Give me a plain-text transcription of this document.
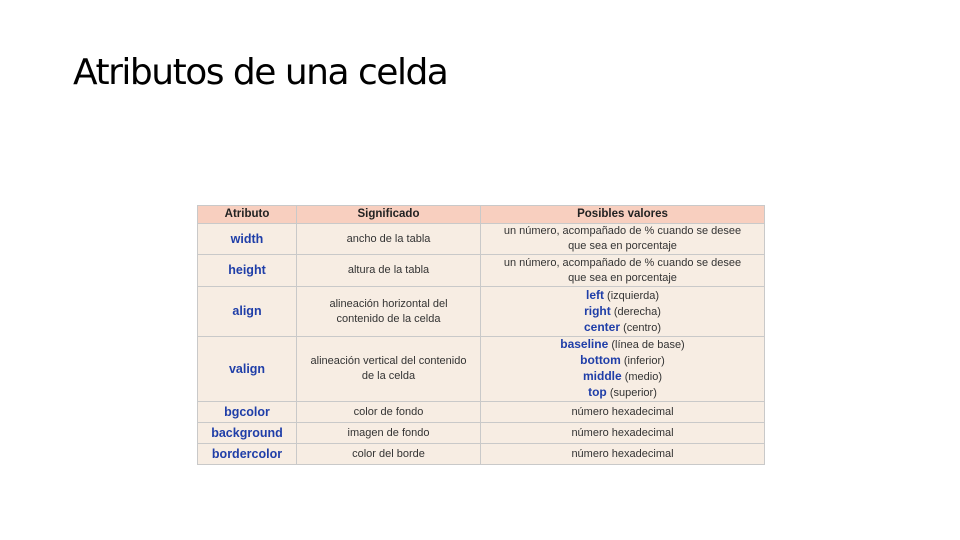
Atributos de una celda
Atributo	Significado	Posibles valores
width	ancho de la tabla	un número, acompañado de % cuando se desee
que sea en porcentaje

height	altura de la tabla	un número, acompañado de % cuando se desee
que sea en porcentaje

align	alineación horizontal del
contenido de la celda	left (izquierda)
right (derecha)
center (centro)

valign	alineación vertical del contenido
de la celda	baseline (línea de base)
bottom (inferior)
middle (medio)
top (superior)

bgcolor	color de fondo	número hexadecimal

background	imagen de fondo	número hexadecimal

bordercolor	color del borde	número hexadecimal
